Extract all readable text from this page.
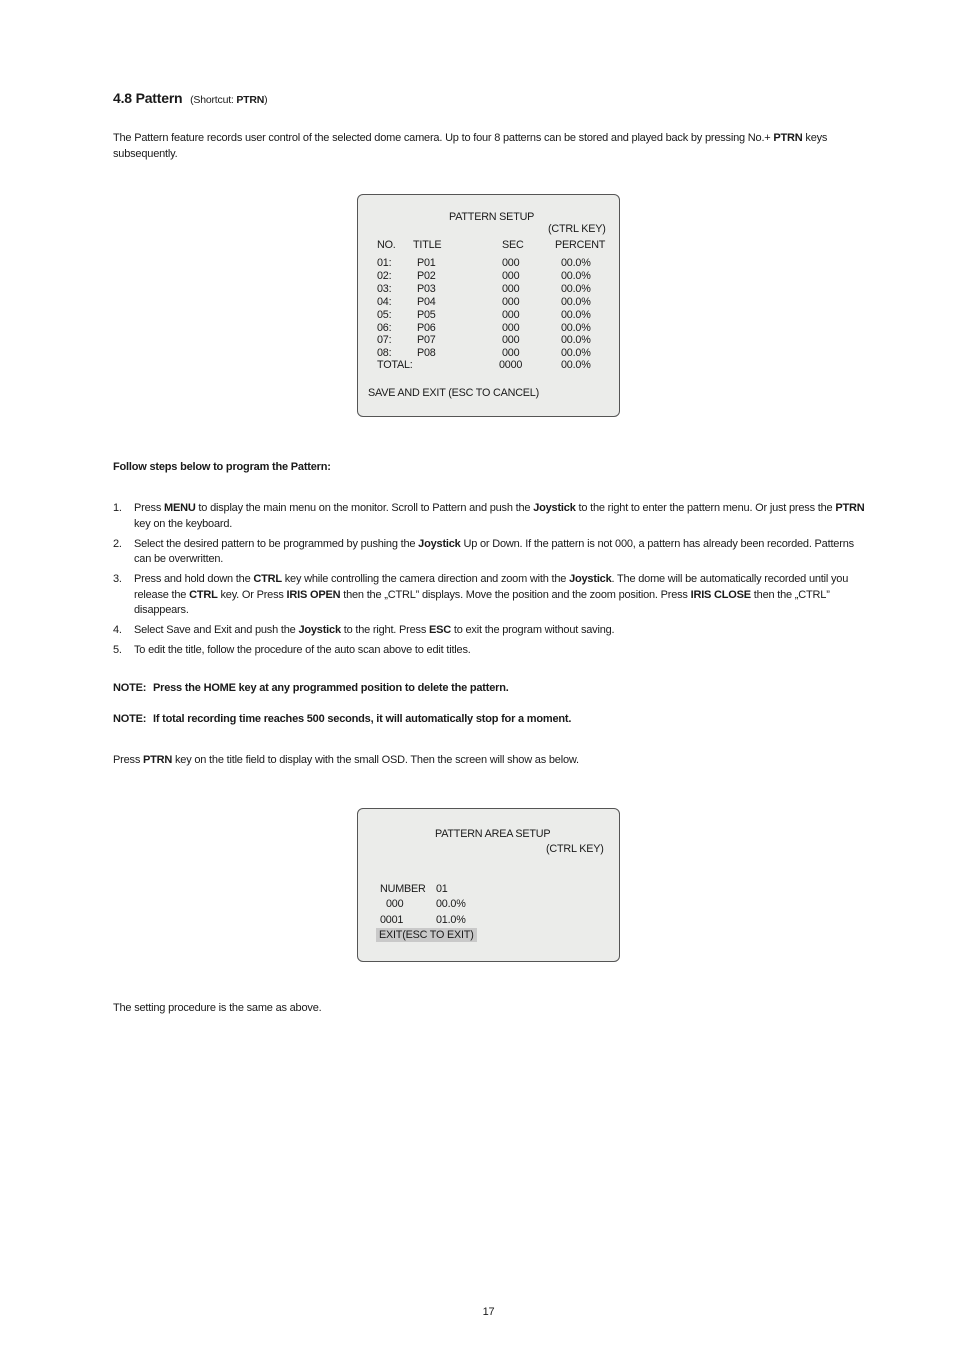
4.8 Pattern (Shortcut: PTRN)
The Pattern feature records user control of the selected dome camera. Up to four 8 patterns can be stored and played back by pressing No.+ PTRN keys subsequently.
PATTERN SETUP
(CTRL KEY)
NO. TITLE	SEC	PERCENT
01: P01	000	00.0%
02: P02	000	00.0%
03: P03	000	00.0%
04: P04	000	00.0%
05: P05	000	00.0%
06: P06	000	00.0%
07: P07	000	00.0%
08: P08	000	00.0%
TOTAL:	0000	00.0%
SAVE AND EXIT (ESC TO CANCEL)
Follow steps below to program the Pattern:
1. Press MENU to display the main menu on the monitor. Scroll to Pattern and push the Joystick to the right to enter the pattern menu. Or just press the PTRN key on the keyboard.
2. Select the desired pattern to be programmed by pushing the Joystick Up or Down. If the pattern is not 000, a pattern has already been recorded. Patterns can be overwritten.
3. Press and hold down the CTRL key while controlling the camera direction and zoom with the Joystick. The dome will be automatically recorded until you release the CTRL key. Or Press IRIS OPEN then the „CTRL” displays. Move the position and the zoom position. Press IRIS CLOSE then the „CTRL” disappears.
4. Select Save and Exit and push the Joystick to the right. Press ESC to exit the program without saving.
5. To edit the title, follow the procedure of the auto scan above to edit titles.
NOTE: Press the HOME key at any programmed position to delete the pattern.
NOTE: If total recording time reaches 500 seconds, it will automatically stop for a moment.
Press PTRN key on the title field to display with the small OSD. Then the screen will show as below.
PATTERN AREA SETUP
(CTRL KEY)
NUMBER 01
000	00.0%
0001	01.0%
EXIT(ESC TO EXIT)
The setting procedure is the same as above.
17
